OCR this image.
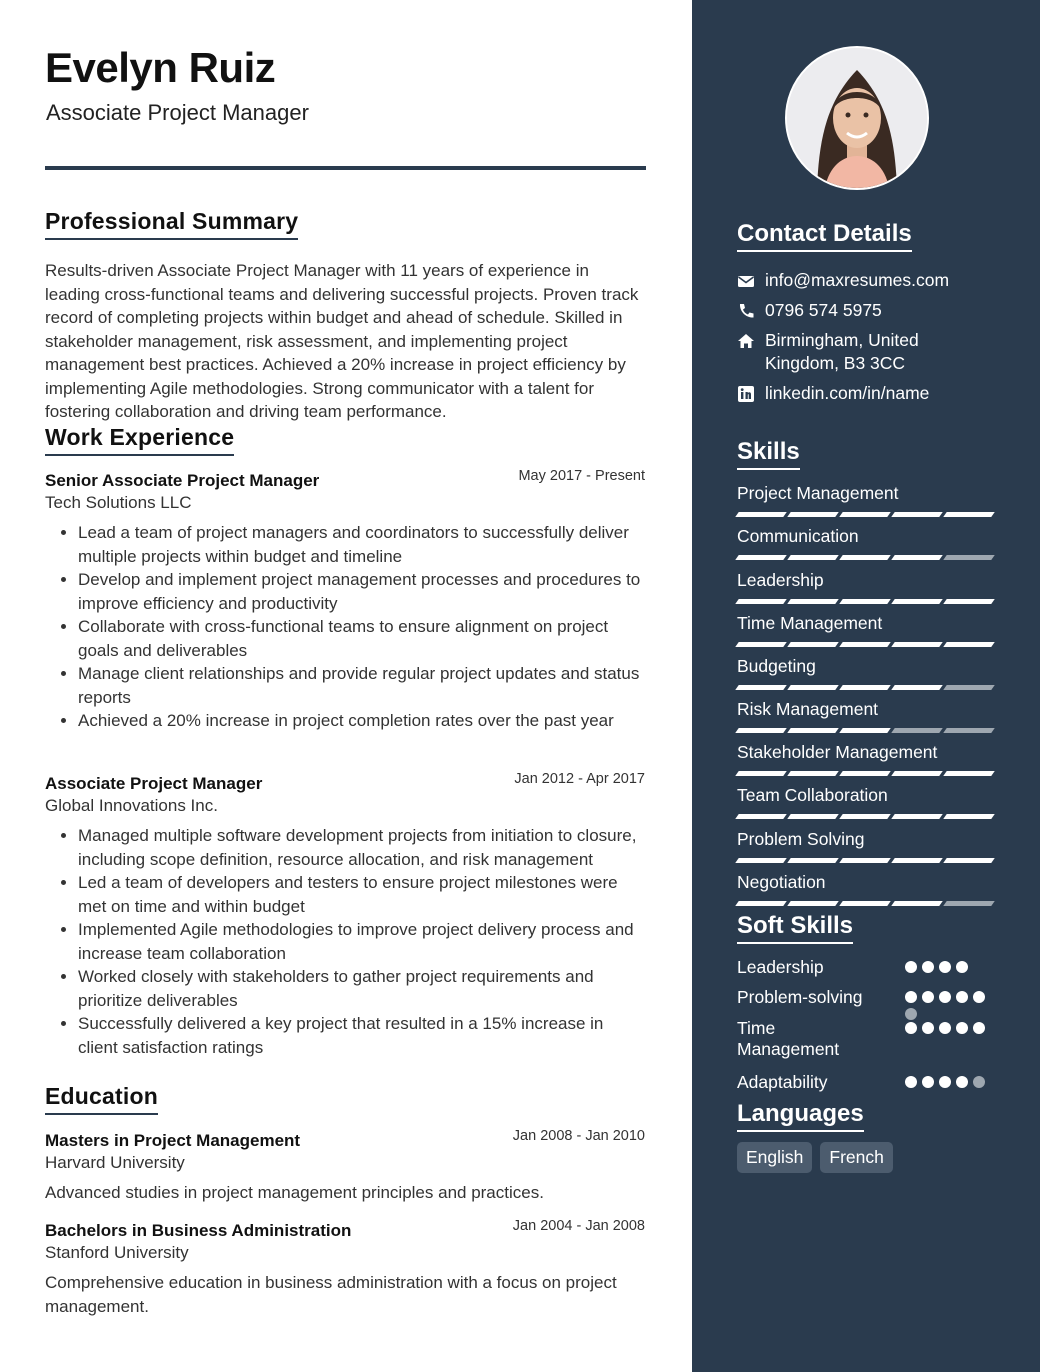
Evelyn Ruiz
Associate Project Manager
Professional Summary
Results-driven Associate Project Manager with 11 years of experience in leading cross-functional teams and delivering successful projects. Proven track record of completing projects within budget and ahead of schedule. Skilled in stakeholder management, risk assessment, and implementing project management best practices. Achieved a 20% increase in project efficiency by implementing Agile methodologies. Strong communicator with a talent for fostering collaboration and driving team performance.
Work Experience
Senior Associate Project Manager	May 2017 - Present
Tech Solutions LLC
• Lead a team of project managers and coordinators to successfully deliver multiple projects within budget and timeline
• Develop and implement project management processes and procedures to improve efficiency and productivity
• Collaborate with cross-functional teams to ensure alignment on project goals and deliverables
• Manage client relationships and provide regular project updates and status reports
• Achieved a 20% increase in project completion rates over the past year
Associate Project Manager	Jan 2012 - Apr 2017
Global Innovations Inc.
• Managed multiple software development projects from initiation to closure, including scope definition, resource allocation, and risk management
• Led a team of developers and testers to ensure project milestones were met on time and within budget
• Implemented Agile methodologies to improve project delivery process and increase team collaboration
• Worked closely with stakeholders to gather project requirements and prioritize deliverables
• Successfully delivered a key project that resulted in a 15% increase in client satisfaction ratings
Education
Masters in Project Management	Jan 2008 - Jan 2010
Harvard University
Advanced studies in project management principles and practices.
Bachelors in Business Administration	Jan 2004 - Jan 2008
Stanford University
Comprehensive education in business administration with a focus on project management.
Contact Details
info@maxresumes.com
0796 574 5975
Birmingham, United
Kingdom, B3 3CC
linkedin.com/in/name
Skills
Project Management
Communication
Leadership
Time Management
Budgeting
Risk Management
Stakeholder Management
Team Collaboration
Problem Solving
Negotiation
Soft Skills
Leadership
Problem-solving
Time
Management
Adaptability
Languages
English	French
